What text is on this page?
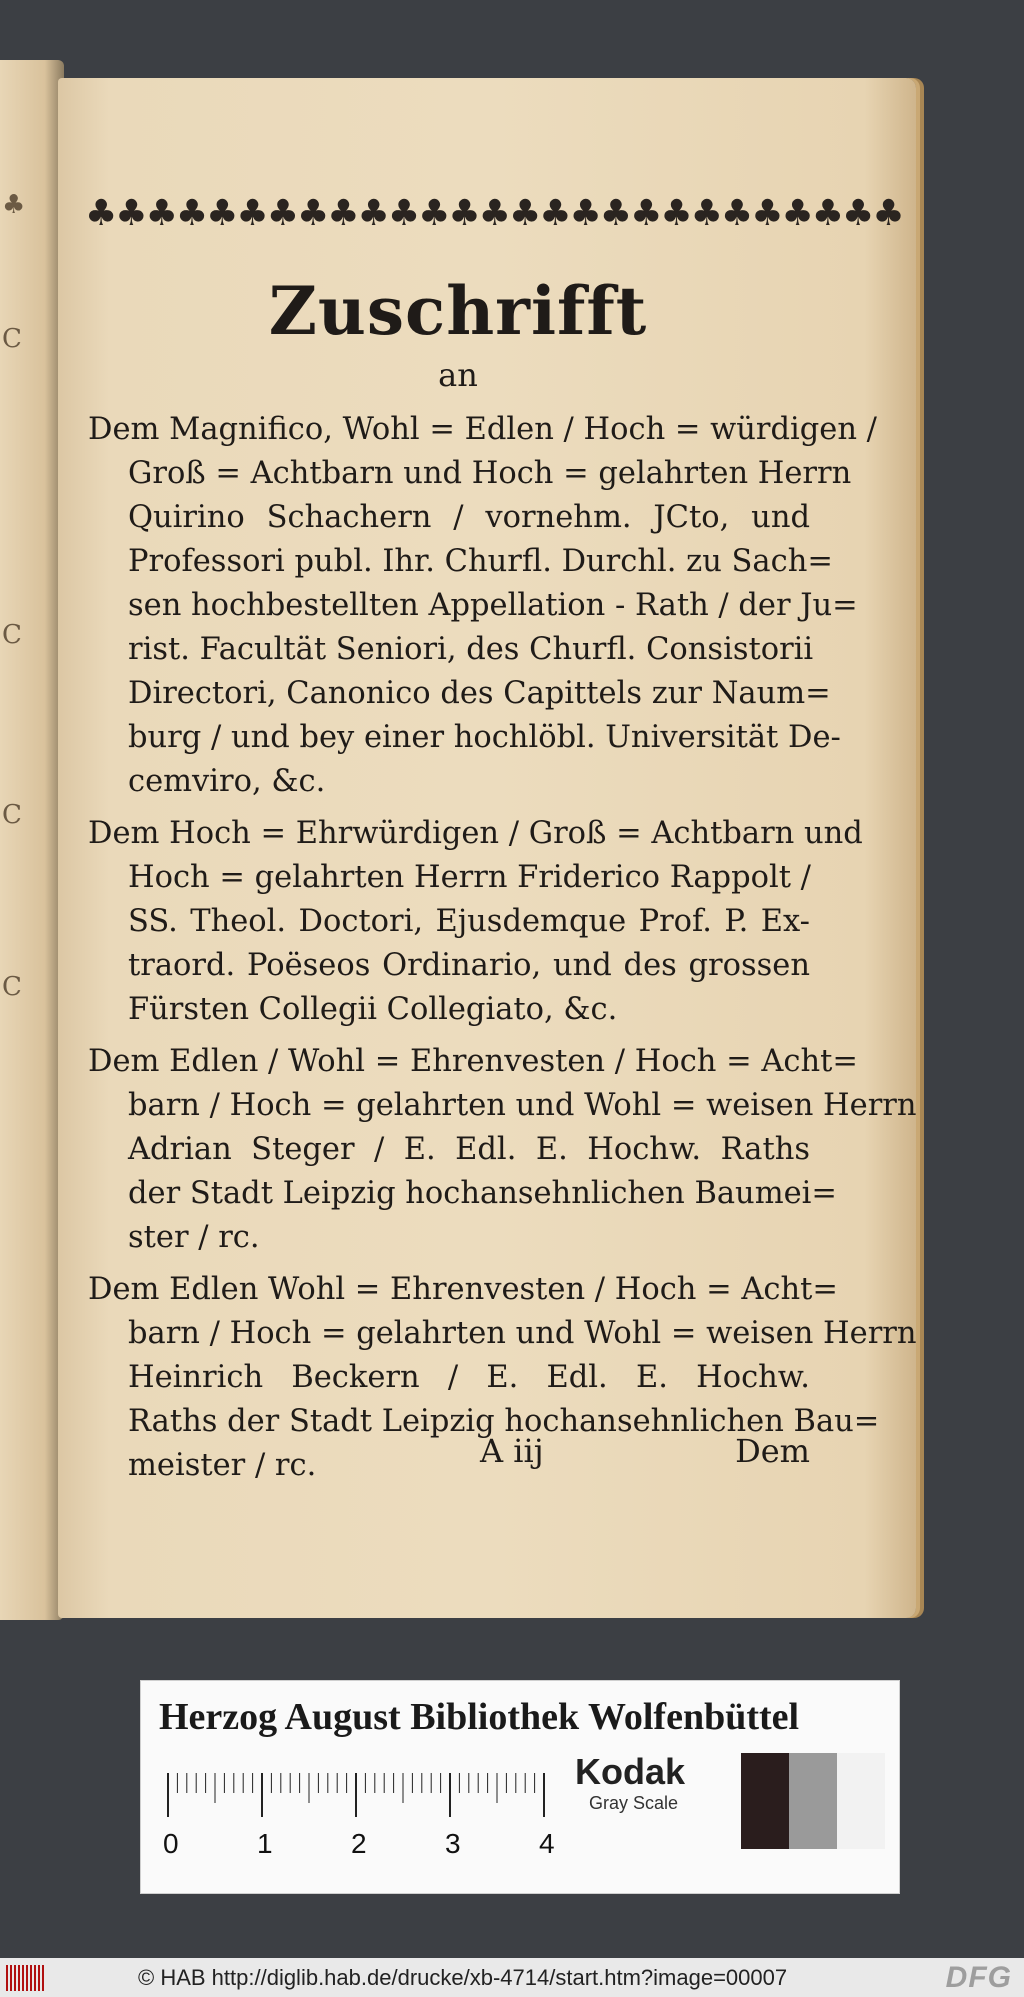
♣
C
C
C
C
♣ ♣ ♣ ♣ ♣ ♣ ♣ ♣ ♣ ♣ ♣ ♣ ♣ ♣ ♣ ♣ ♣ ♣ ♣ ♣ ♣ ♣ ♣ ♣ ♣ ♣ ♣
Zuschrifft
an
Dem Magnifico, Wohl = Edlen / Hoch = würdigen /
Groß = Achtbarn und Hoch = gelahrten Herrn
Quirino Schachern / vornehm. JCto, und
Professori publ. Ihr. Churfl. Durchl. zu Sach=
sen hochbestellten Appellation - Rath / der Ju=
rist. Facultät Seniori, des Churfl. Consistorii
Directori, Canonico des Capittels zur Naum=
burg / und bey einer hochlöbl. Universität De-
cemviro, &c.
Dem Hoch = Ehrwürdigen / Groß = Achtbarn und
Hoch = gelahrten Herrn Friderico Rappolt /
SS. Theol. Doctori, Ejusdemque Prof. P. Ex-
traord. Poëseos Ordinario, und des grossen
Fürsten Collegii Collegiato, &c.
Dem Edlen / Wohl = Ehrenvesten / Hoch = Acht=
barn / Hoch = gelahrten und Wohl = weisen Herrn
Adrian Steger / E. Edl. E. Hochw. Raths
der Stadt Leipzig hochansehnlichen Baumei=
ster / rc.
Dem Edlen Wohl = Ehrenvesten / Hoch = Acht=
barn / Hoch = gelahrten und Wohl = weisen Herrn
Heinrich Beckern / E. Edl. E. Hochw.
Raths der Stadt Leipzig hochansehnlichen Bau=
meister / rc.	A iij	Dem
Herzog August Bibliothek Wolfenbüttel
0	1	2	3	4
Kodak
Gray Scale
© HAB http://diglib.hab.de/drucke/xb-4714/start.htm?image=00007	DFG
